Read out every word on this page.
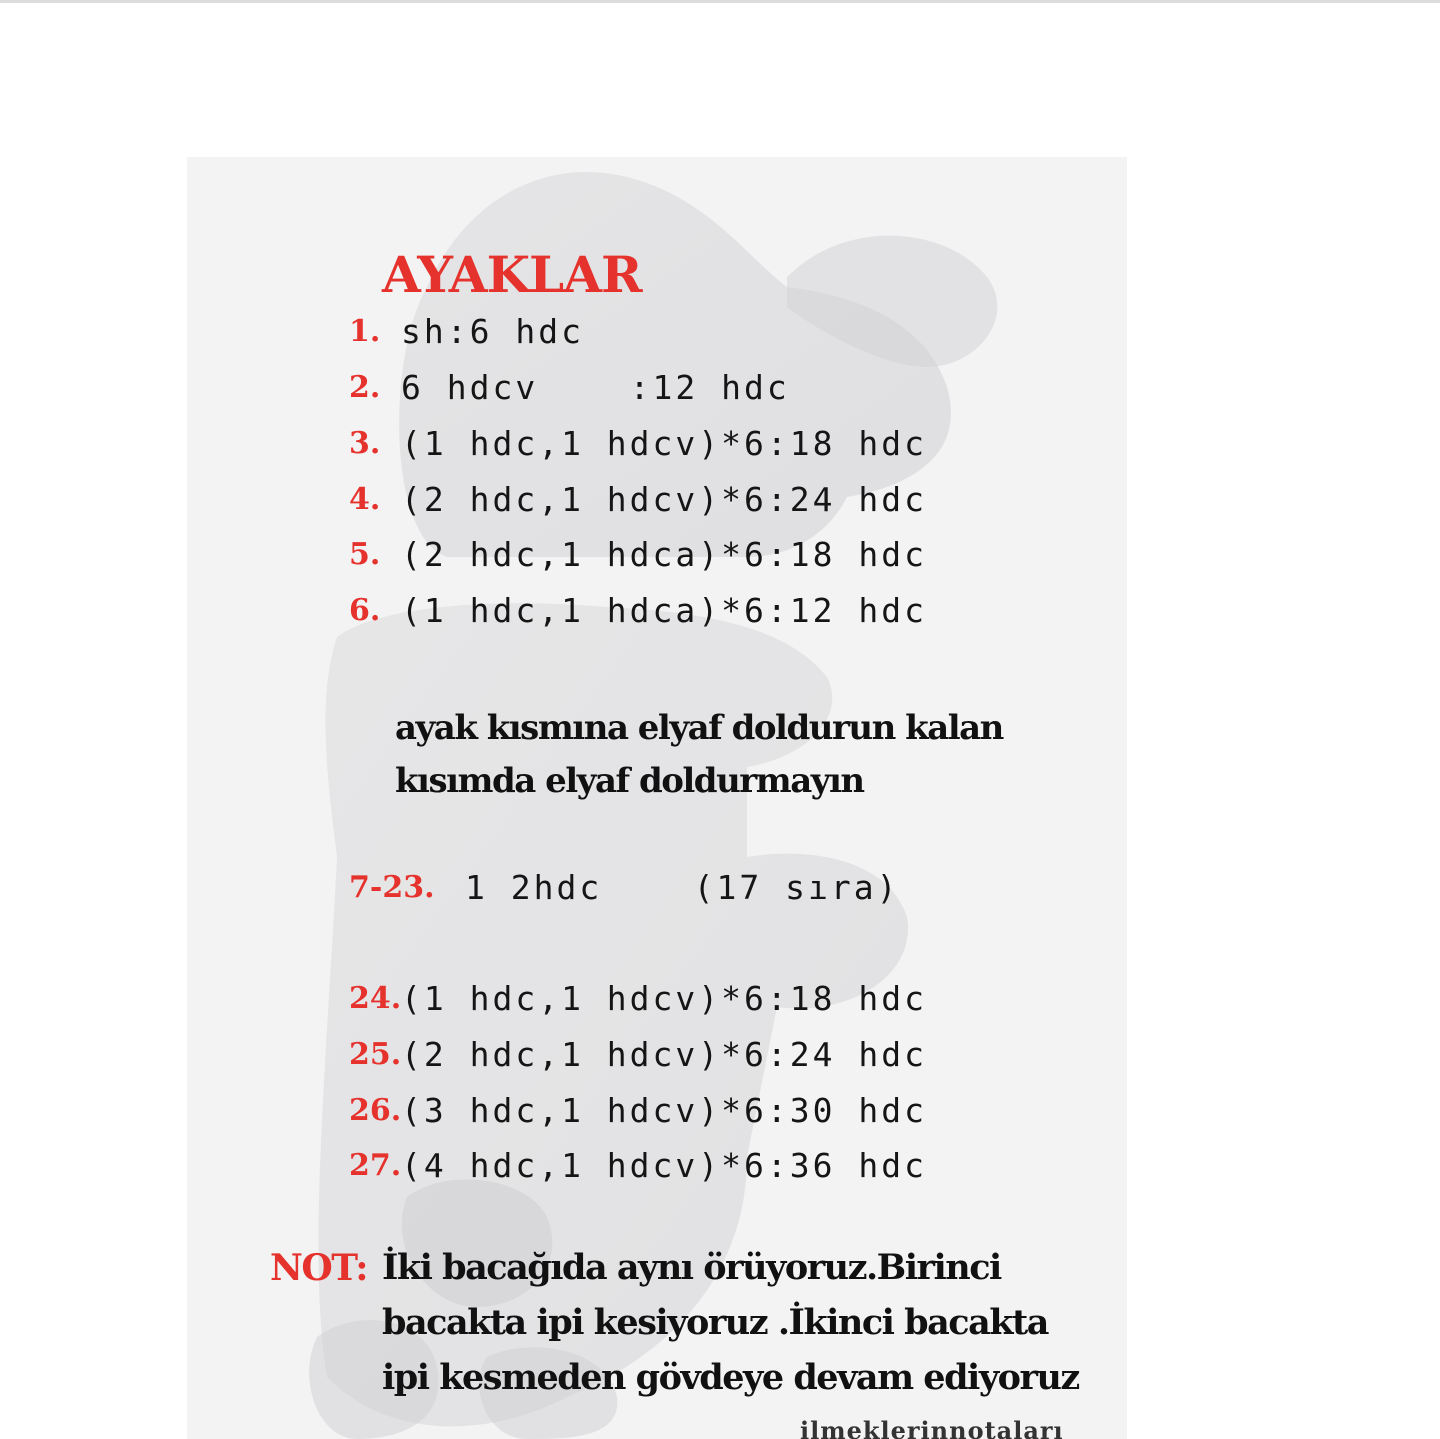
AYAKLAR
1. sh:6 hdc
2. 6 hdcv    :12 hdc
3. (1 hdc,1 hdcv)*6:18 hdc
4. (2 hdc,1 hdcv)*6:24 hdc
5. (2 hdc,1 hdca)*6:18 hdc
6. (1 hdc,1 hdca)*6:12 hdc

ayak kısmına elyaf doldurun kalan kısımda elyaf doldurmayın

7-23. 1 2hdc    (17 sıra)
24.(1 hdc,1 hdcv)*6:18 hdc
25.(2 hdc,1 hdcv)*6:24 hdc
26.(3 hdc,1 hdcv)*6:30 hdc
27.(4 hdc,1 hdcv)*6:36 hdc
NOT: İki bacağıda aynı örüyoruz.Birinci bacakta ipi kesiyoruz .İkinci bacakta ipi kesmeden gövdeye devam ediyoruz

ilmeklerinnotaları
